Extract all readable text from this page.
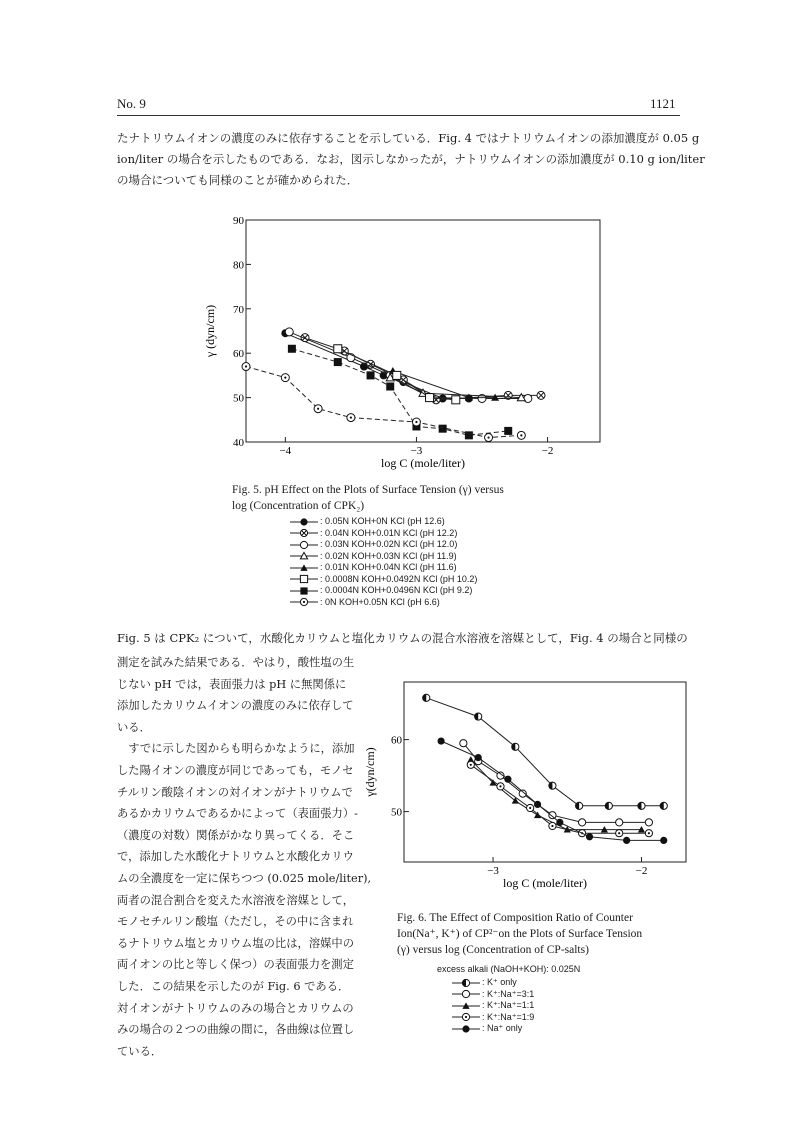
No. 9	1121
たナトリウムイオンの濃度のみに依存することを示している．Fig. 4 ではナトリウムイオンの添加濃度が 0.05 g
ion/liter の場合を示したものである．なお，図示しなかったが，ナトリウムイオンの添加濃度が 0.10 g ion/liter
の場合についても同様のことが確かめられた．
−4	−3	−2
40
50
60
70
80
90
log C (mole/liter)
γ (dyn/cm)
Fig. 5. pH Effect on the Plots of Surface Tension (γ) versus
log (Concentration of CPK₂)
: 0.05N KOH+0N KCl (pH 12.6)
: 0.04N KOH+0.01N KCl (pH 12.2)
: 0.03N KOH+0.02N KCl (pH 12.0)
: 0.02N KOH+0.03N KCl (pH 11.9)
: 0.01N KOH+0.04N KCl (pH 11.6)
: 0.0008N KOH+0.0492N KCl (pH 10.2)
: 0.0004N KOH+0.0496N KCl (pH 9.2)
: 0N KOH+0.05N KCl (pH 6.6)
Fig. 5 は CPK₂ について，水酸化カリウムと塩化カリウムの混合水溶液を溶媒として，Fig. 4 の場合と同様の
測定を試みた結果である．やはり，酸性塩の生
じない pH では，表面張力は pH に無関係に
添加したカリウムイオンの濃度のみに依存して
いる．
　すでに示した図からも明らかなように，添加
した陽イオンの濃度が同じであっても，モノセ
チルリン酸陰イオンの対イオンがナトリウムで
あるかカリウムであるかによって（表面張力）-
（濃度の対数）関係がかなり異ってくる．そこ
で，添加した水酸化ナトリウムと水酸化カリウ
ムの全濃度を一定に保ちつつ (0.025 mole/liter),
両者の混合割合を変えた水溶液を溶媒として，
モノセチルリン酸塩（ただし，その中に含まれ
るナトリウム塩とカリウム塩の比は，溶媒中の
両イオンの比と等しく保つ）の表面張力を測定
した．この結果を示したのが Fig. 6 である．
対イオンがナトリウムのみの場合とカリウムの
みの場合の２つの曲線の間に，各曲線は位置し
ている．
−3	−2
50
60
log C (mole/liter)
γ(dyn/cm)
Fig. 6. The Effect of Composition Ratio of Counter
Ion(Na⁺, K⁺) of CP²⁻on the Plots of Surface Tension
(γ) versus log (Concentration of CP-salts)
excess alkali (NaOH+KOH): 0.025N
: K⁺ only
: K⁺:Na⁺=3:1
: K⁺:Na⁺=1:1
: K⁺:Na⁺=1:9
: Na⁺ only
